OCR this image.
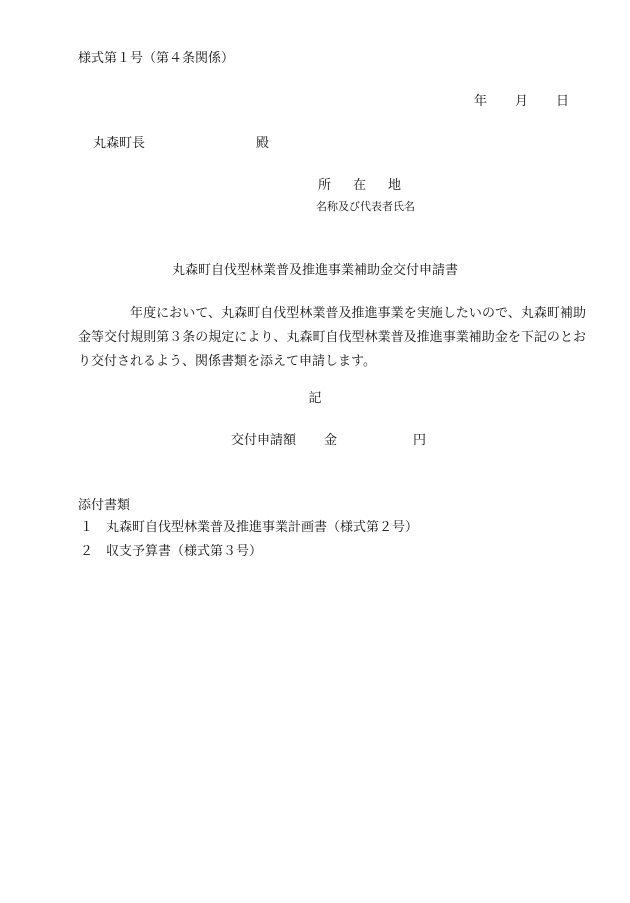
様式第１号（第４条関係）
年 月 日
丸森町長	殿
所 在 地
名称及び代表者氏名
丸森町自伐型林業普及推進事業補助金交付申請書
年度において、丸森町自伐型林業普及推進事業を実施したいので、丸森町補助金等交付規則第３条の規定により、丸森町自伐型林業普及推進事業補助金を下記のとおり交付されるよう、関係書類を添えて申請します。
記
交付申請額 金	円
添付書類
１ 丸森町自伐型林業普及推進事業計画書（様式第２号）
２ 収支予算書（様式第３号）
